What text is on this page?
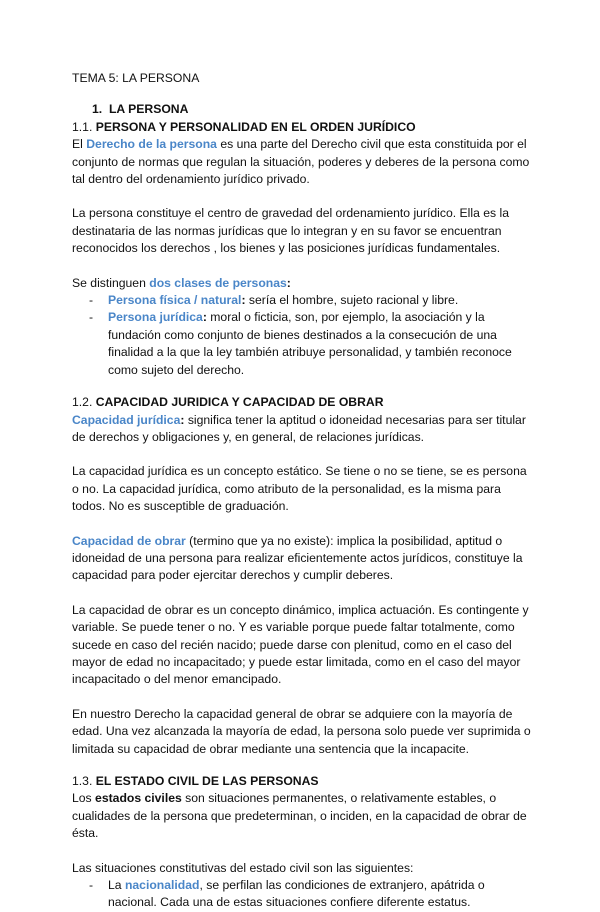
TEMA 5: LA PERSONA

1. LA PERSONA

1.1. PERSONA Y PERSONALIDAD EN EL ORDEN JURÍDICO

El Derecho de la persona es una parte del Derecho civil que esta constituida por el conjunto de normas que regulan la situación, poderes y deberes de la persona como tal dentro del ordenamiento jurídico privado.

La persona constituye el centro de gravedad del ordenamiento jurídico. Ella es la destinataria de las normas jurídicas que lo integran y en su favor se encuentran reconocidos los derechos , los bienes y las posiciones jurídicas fundamentales.

Se distinguen dos clases de personas:

- Persona física / natural: sería el hombre, sujeto racional y libre.
- Persona jurídica: moral o ficticia, son, por ejemplo, la asociación y la fundación como conjunto de bienes destinados a la consecución de una finalidad a la que la ley también atribuye personalidad, y también reconoce como sujeto del derecho.

1.2. CAPACIDAD JURIDICA Y CAPACIDAD DE OBRAR

Capacidad jurídica: significa tener la aptitud o idoneidad necesarias para ser titular de derechos y obligaciones y, en general, de relaciones jurídicas.

La capacidad jurídica es un concepto estático. Se tiene o no se tiene, se es persona o no. La capacidad jurídica, como atributo de la personalidad, es la misma para todos. No es susceptible de graduación.

Capacidad de obrar (termino que ya no existe): implica la posibilidad, aptitud o idoneidad de una persona para realizar eficientemente actos jurídicos, constituye la capacidad para poder ejercitar derechos y cumplir deberes.

La capacidad de obrar es un concepto dinámico, implica actuación. Es contingente y variable. Se puede tener o no. Y es variable porque puede faltar totalmente, como sucede en caso del recién nacido; puede darse con plenitud, como en el caso del mayor de edad no incapacitado; y puede estar limitada, como en el caso del mayor incapacitado o del menor emancipado.

En nuestro Derecho la capacidad general de obrar se adquiere con la mayoría de edad. Una vez alcanzada la mayoría de edad, la persona solo puede ver suprimida o limitada su capacidad de obrar mediante una sentencia que la incapacite.

1.3. EL ESTADO CIVIL DE LAS PERSONAS

Los estados civiles son situaciones permanentes, o relativamente estables, o cualidades de la persona que predeterminan, o inciden, en la capacidad de obrar de ésta.

Las situaciones constitutivas del estado civil son las siguientes:

- La nacionalidad, se perfilan las condiciones de extranjero, apátrida o nacional. Cada una de estas situaciones confiere diferente estatus.
